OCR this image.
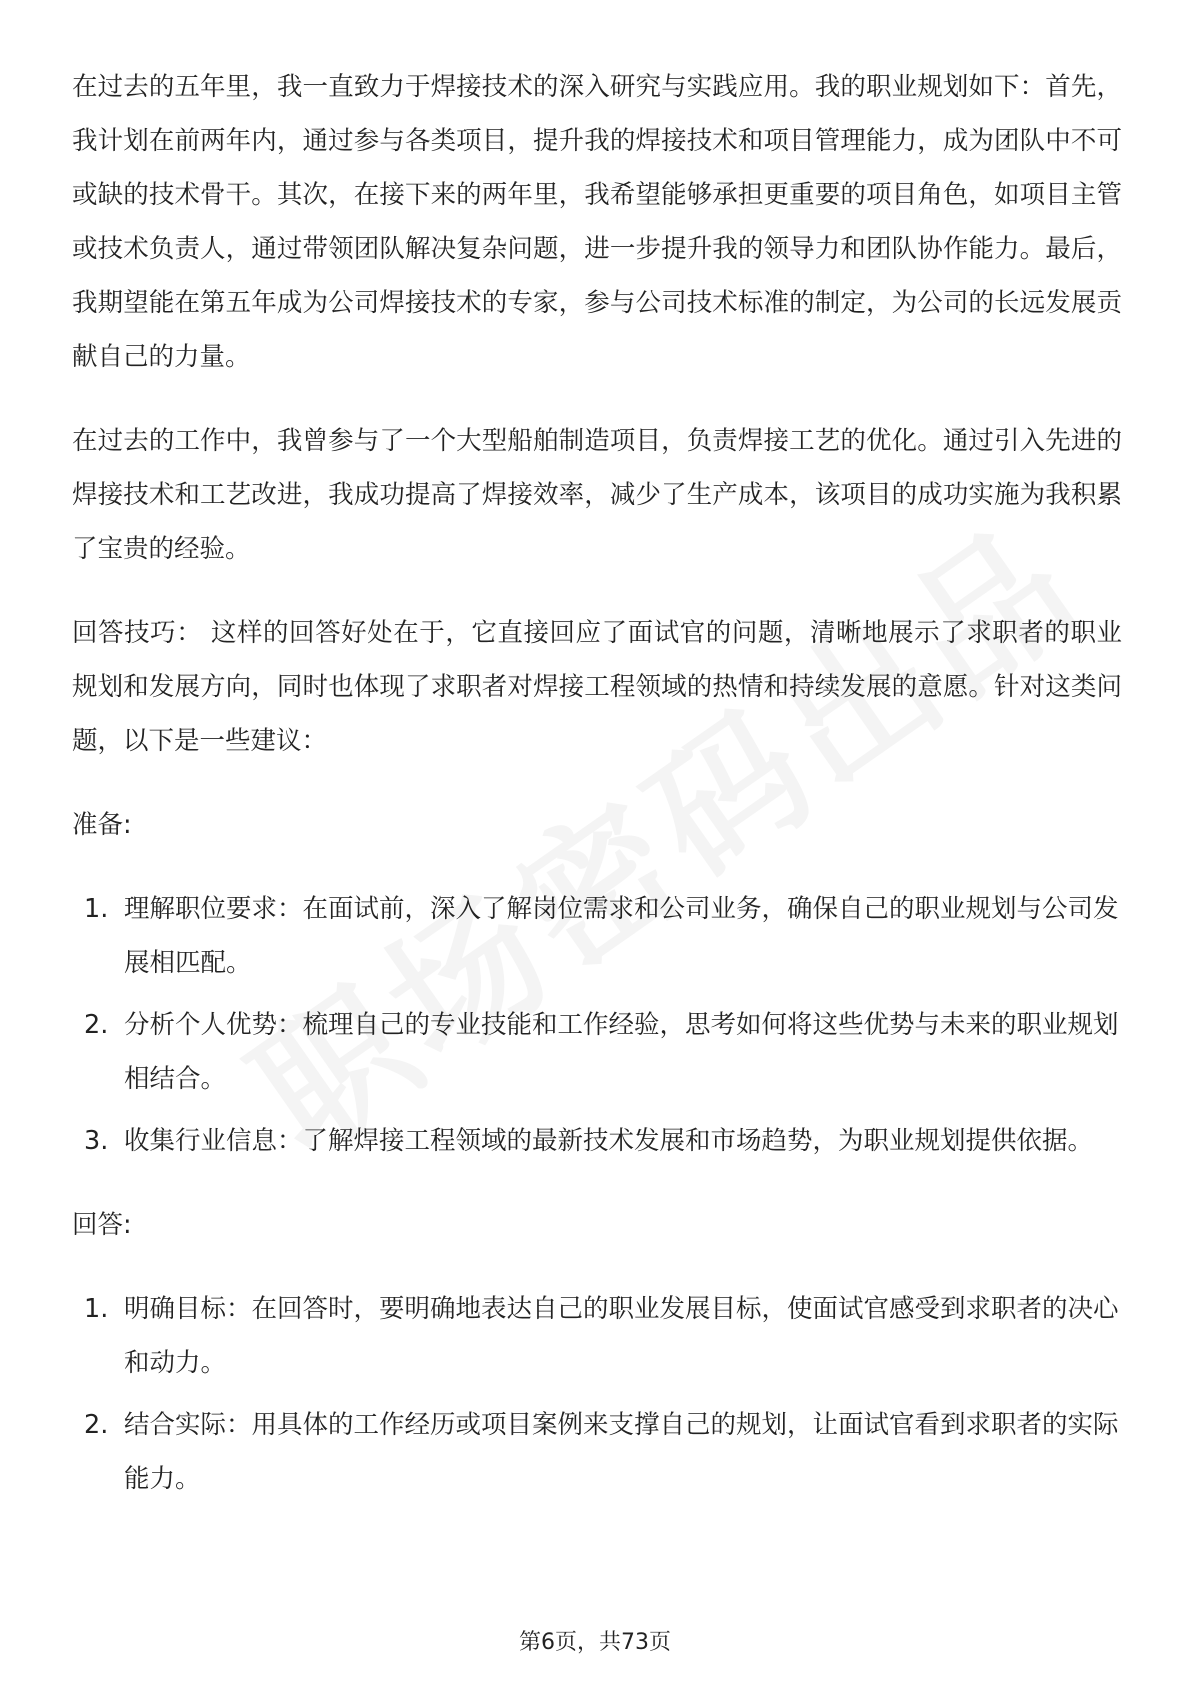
在过去的五年里，我一直致力于焊接技术的深入研究与实践应用。我的职业规划如下：首先，我计划在前两年内，通过参与各类项目，提升我的焊接技术和项目管理能力，成为团队中不可或缺的技术骨干。其次，在接下来的两年里，我希望能够承担更重要的项目角色，如项目主管或技术负责人，通过带领团队解决复杂问题，进一步提升我的领导力和团队协作能力。最后，我期望能在第五年成为公司焊接技术的专家，参与公司技术标准的制定，为公司的长远发展贡献自己的力量。

在过去的工作中，我曾参与了一个大型船舶制造项目，负责焊接工艺的优化。通过引入先进的焊接技术和工艺改进，我成功提高了焊接效率，减少了生产成本，该项目的成功实施为我积累了宝贵的经验。

回答技巧： 这样的回答好处在于，它直接回应了面试官的问题，清晰地展示了求职者的职业规划和发展方向，同时也体现了求职者对焊接工程领域的热情和持续发展的意愿。针对这类问题，以下是一些建议：

准备:
1. 理解职位要求：在面试前，深入了解岗位需求和公司业务，确保自己的职业规划与公司发展相匹配。
2. 分析个人优势：梳理自己的专业技能和工作经验，思考如何将这些优势与未来的职业规划相结合。
3. 收集行业信息：了解焊接工程领域的最新技术发展和市场趋势，为职业规划提供依据。
回答:
1. 明确目标：在回答时，要明确地表达自己的职业发展目标，使面试官感受到求职者的决心和动力。
2. 结合实际：用具体的工作经历或项目案例来支撑自己的规划，让面试官看到求职者的实际能力。
第6页，共73页
